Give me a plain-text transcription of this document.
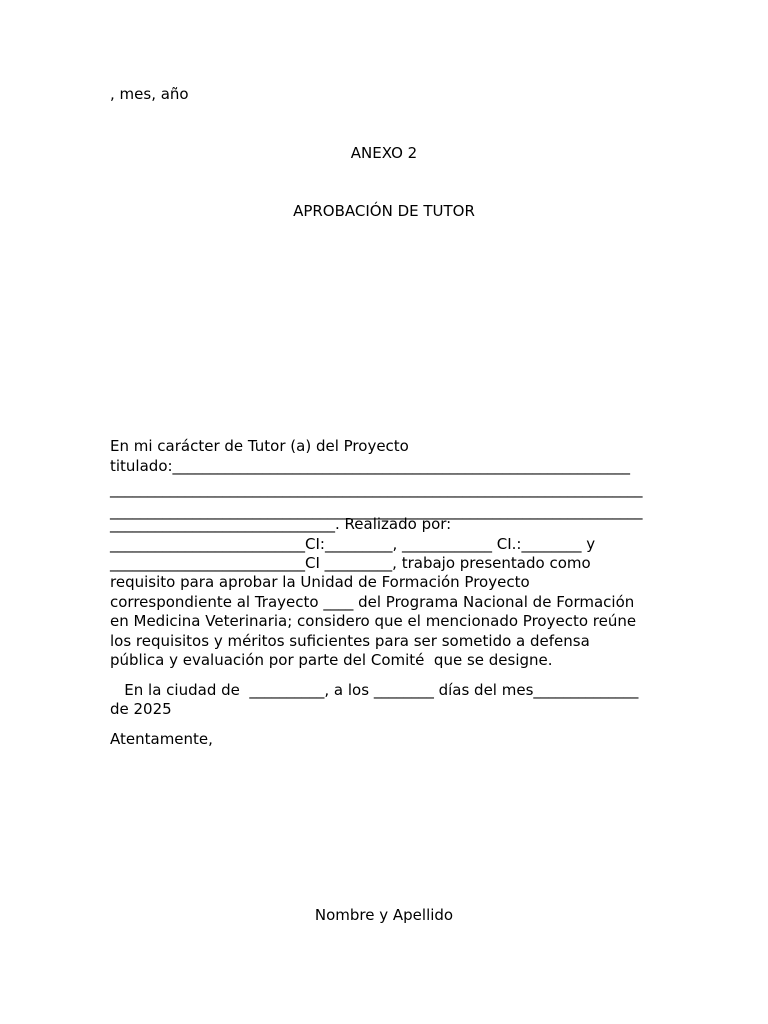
, mes, año
ANEXO 2
APROBACIÓN DE TUTOR
En mi carácter de Tutor (a) del Proyecto
titulado:_____________________________________________________________
_______________________________________________________________________
_______________________________________________________________________
______________________________. Realizado por:
__________________________CI:_________, ____________ CI.:________ y
__________________________CI _________, trabajo presentado como
requisito para aprobar la Unidad de Formación Proyecto
correspondiente al Trayecto ____ del Programa Nacional de Formación
en Medicina Veterinaria; considero que el mencionado Proyecto reúne
los requisitos y méritos suficientes para ser sometido a defensa
pública y evaluación por parte del Comité  que se designe.
En la ciudad de  __________, a los ________ días del mes______________
de 2025
Atentamente,
Nombre y Apellido
